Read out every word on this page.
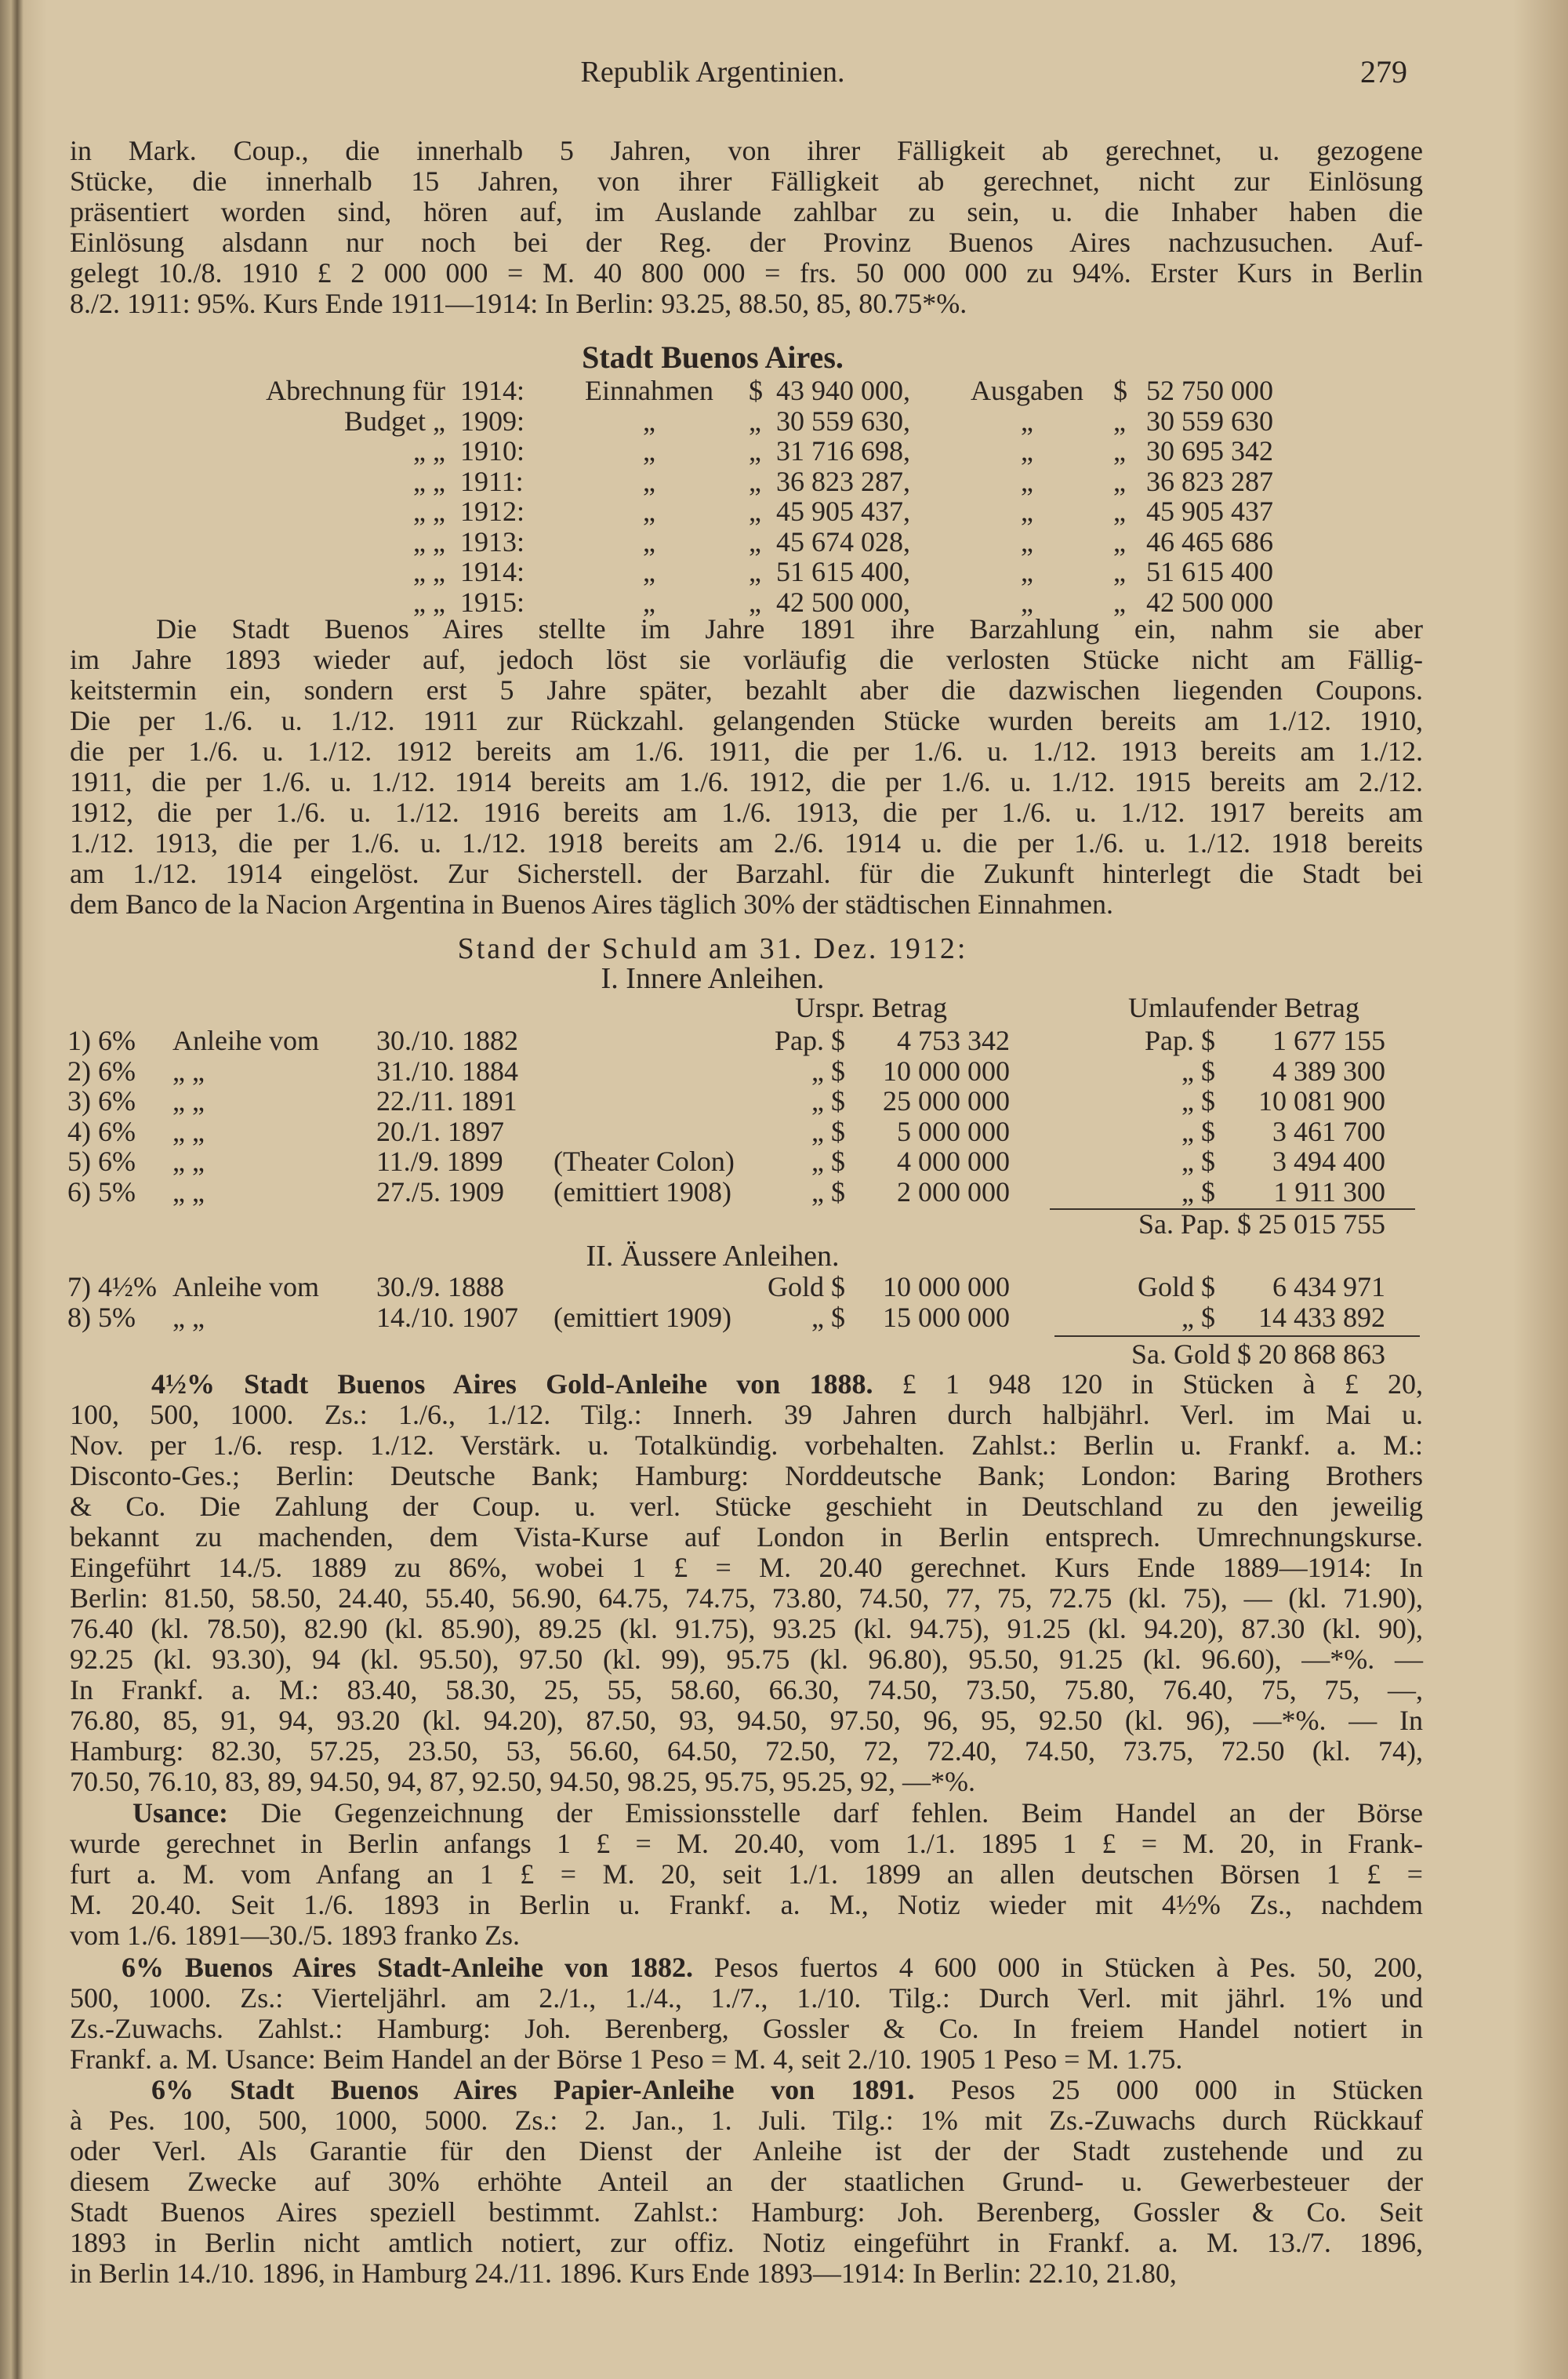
Republik Argentinien.	279
in Mark. Coup., die innerhalb 5 Jahren, von ihrer Fälligkeit ab gerechnet, u. gezogene
Stücke, die innerhalb 15 Jahren, von ihrer Fälligkeit ab gerechnet, nicht zur Einlösung
präsentiert worden sind, hören auf, im Auslande zahlbar zu sein, u. die Inhaber haben die
Einlösung alsdann nur noch bei der Reg. der Provinz Buenos Aires nachzusuchen. Auf-
gelegt 10./8. 1910 £ 2 000 000 = M. 40 800 000 = frs. 50 000 000 zu 94%. Erster Kurs in Berlin
8./2. 1911: 95%. Kurs Ende 1911—1914: In Berlin: 93.25, 88.50, 85, 80.75*%.
Stadt Buenos Aires.
Abrechnung für 1914:	Einnahmen	$ 43 940 000,	Ausgaben	$ 52 750 000
Budget „ 1909:	„	„ 30 559 630,	„	„ 30 559 630
„ „ 1910:	„	„ 31 716 698,	„	„ 30 695 342
„ „ 1911:	„	„ 36 823 287,	„	„ 36 823 287
„ „ 1912:	„	„ 45 905 437,	„	„ 45 905 437
„ „ 1913:	„	„ 45 674 028,	„	„ 46 465 686
„ „ 1914:	„	„ 51 615 400,	„	„ 51 615 400
„ „ 1915:	„	„ 42 500 000,	„	„ 42 500 000
Die Stadt Buenos Aires stellte im Jahre 1891 ihre Barzahlung ein, nahm sie aber
im Jahre 1893 wieder auf, jedoch löst sie vorläufig die verlosten Stücke nicht am Fällig-
keitstermin ein, sondern erst 5 Jahre später, bezahlt aber die dazwischen liegenden Coupons.
Die per 1./6. u. 1./12. 1911 zur Rückzahl. gelangenden Stücke wurden bereits am 1./12. 1910,
die per 1./6. u. 1./12. 1912 bereits am 1./6. 1911, die per 1./6. u. 1./12. 1913 bereits am 1./12.
1911, die per 1./6. u. 1./12. 1914 bereits am 1./6. 1912, die per 1./6. u. 1./12. 1915 bereits am 2./12.
1912, die per 1./6. u. 1./12. 1916 bereits am 1./6. 1913, die per 1./6. u. 1./12. 1917 bereits am
1./12. 1913, die per 1./6. u. 1./12. 1918 bereits am 2./6. 1914 u. die per 1./6. u. 1./12. 1918 bereits
am 1./12. 1914 eingelöst. Zur Sicherstell. der Barzahl. für die Zukunft hinterlegt die Stadt bei
dem Banco de la Nacion Argentina in Buenos Aires täglich 30% der städtischen Einnahmen.
Stand der Schuld am 31. Dez. 1912:
I. Innere Anleihen.
Urspr. Betrag	Umlaufender Betrag
1) 6% Anleihe vom 30./10. 1882	Pap. $ 4 753 342	Pap. $ 1 677 155
2) 6% „ „	31./10. 1884	„ $ 10 000 000	„ $ 4 389 300
3) 6% „ „	22./11. 1891	„ $ 25 000 000	„ $ 10 081 900
4) 6% „ „	20./1. 1897	„ $ 5 000 000	„ $ 3 461 700
5) 6% „ „	11./9. 1899 (Theater Colon)	„ $ 4 000 000	„ $ 3 494 400
6) 5% „ „	27./5. 1909 (emittiert 1908)	„ $ 2 000 000	„ $ 1 911 300
Sa. Pap. $ 25 015 755
II. Äussere Anleihen.
7) 4½% Anleihe vom 30./9. 1888	Gold $ 10 000 000	Gold $ 6 434 971
8) 5% „ „	14./10. 1907 (emittiert 1909)	„ $ 15 000 000	„ $ 14 433 892
Sa. Gold $ 20 868 863
4½% Stadt Buenos Aires Gold-Anleihe von 1888. £ 1 948 120 in Stücken à £ 20,
100, 500, 1000. Zs.: 1./6., 1./12. Tilg.: Innerh. 39 Jahren durch halbjährl. Verl. im Mai u.
Nov. per 1./6. resp. 1./12. Verstärk. u. Totalkündig. vorbehalten. Zahlst.: Berlin u. Frankf. a. M.:
Disconto-Ges.; Berlin: Deutsche Bank; Hamburg: Norddeutsche Bank; London: Baring Brothers
& Co. Die Zahlung der Coup. u. verl. Stücke geschieht in Deutschland zu den jeweilig
bekannt zu machenden, dem Vista-Kurse auf London in Berlin entsprech. Umrechnungskurse.
Eingeführt 14./5. 1889 zu 86%, wobei 1 £ = M. 20.40 gerechnet. Kurs Ende 1889—1914: In
Berlin: 81.50, 58.50, 24.40, 55.40, 56.90, 64.75, 74.75, 73.80, 74.50, 77, 75, 72.75 (kl. 75), — (kl. 71.90),
76.40 (kl. 78.50), 82.90 (kl. 85.90), 89.25 (kl. 91.75), 93.25 (kl. 94.75), 91.25 (kl. 94.20), 87.30 (kl. 90),
92.25 (kl. 93.30), 94 (kl. 95.50), 97.50 (kl. 99), 95.75 (kl. 96.80), 95.50, 91.25 (kl. 96.60), —*%. —
In Frankf. a. M.: 83.40, 58.30, 25, 55, 58.60, 66.30, 74.50, 73.50, 75.80, 76.40, 75, 75, —,
76.80, 85, 91, 94, 93.20 (kl. 94.20), 87.50, 93, 94.50, 97.50, 96, 95, 92.50 (kl. 96), —*%. — In
Hamburg: 82.30, 57.25, 23.50, 53, 56.60, 64.50, 72.50, 72, 72.40, 74.50, 73.75, 72.50 (kl. 74),
70.50, 76.10, 83, 89, 94.50, 94, 87, 92.50, 94.50, 98.25, 95.75, 95.25, 92, —*%.
Usance: Die Gegenzeichnung der Emissionsstelle darf fehlen. Beim Handel an der Börse
wurde gerechnet in Berlin anfangs 1 £ = M. 20.40, vom 1./1. 1895 1 £ = M. 20, in Frank-
furt a. M. vom Anfang an 1 £ = M. 20, seit 1./1. 1899 an allen deutschen Börsen 1 £ =
M. 20.40. Seit 1./6. 1893 in Berlin u. Frankf. a. M., Notiz wieder mit 4½% Zs., nachdem
vom 1./6. 1891—30./5. 1893 franko Zs.
6% Buenos Aires Stadt-Anleihe von 1882. Pesos fuertos 4 600 000 in Stücken à Pes. 50, 200,
500, 1000. Zs.: Vierteljährl. am 2./1., 1./4., 1./7., 1./10. Tilg.: Durch Verl. mit jährl. 1% und
Zs.-Zuwachs. Zahlst.: Hamburg: Joh. Berenberg, Gossler & Co. In freiem Handel notiert in
Frankf. a. M. Usance: Beim Handel an der Börse 1 Peso = M. 4, seit 2./10. 1905 1 Peso = M. 1.75.
6% Stadt Buenos Aires Papier-Anleihe von 1891. Pesos 25 000 000 in Stücken
à Pes. 100, 500, 1000, 5000. Zs.: 2. Jan., 1. Juli. Tilg.: 1% mit Zs.-Zuwachs durch Rückkauf
oder Verl. Als Garantie für den Dienst der Anleihe ist der der Stadt zustehende und zu
diesem Zwecke auf 30% erhöhte Anteil an der staatlichen Grund- u. Gewerbesteuer der
Stadt Buenos Aires speziell bestimmt. Zahlst.: Hamburg: Joh. Berenberg, Gossler & Co. Seit
1893 in Berlin nicht amtlich notiert, zur offiz. Notiz eingeführt in Frankf. a. M. 13./7. 1896,
in Berlin 14./10. 1896, in Hamburg 24./11. 1896. Kurs Ende 1893—1914: In Berlin: 22.10, 21.80,
